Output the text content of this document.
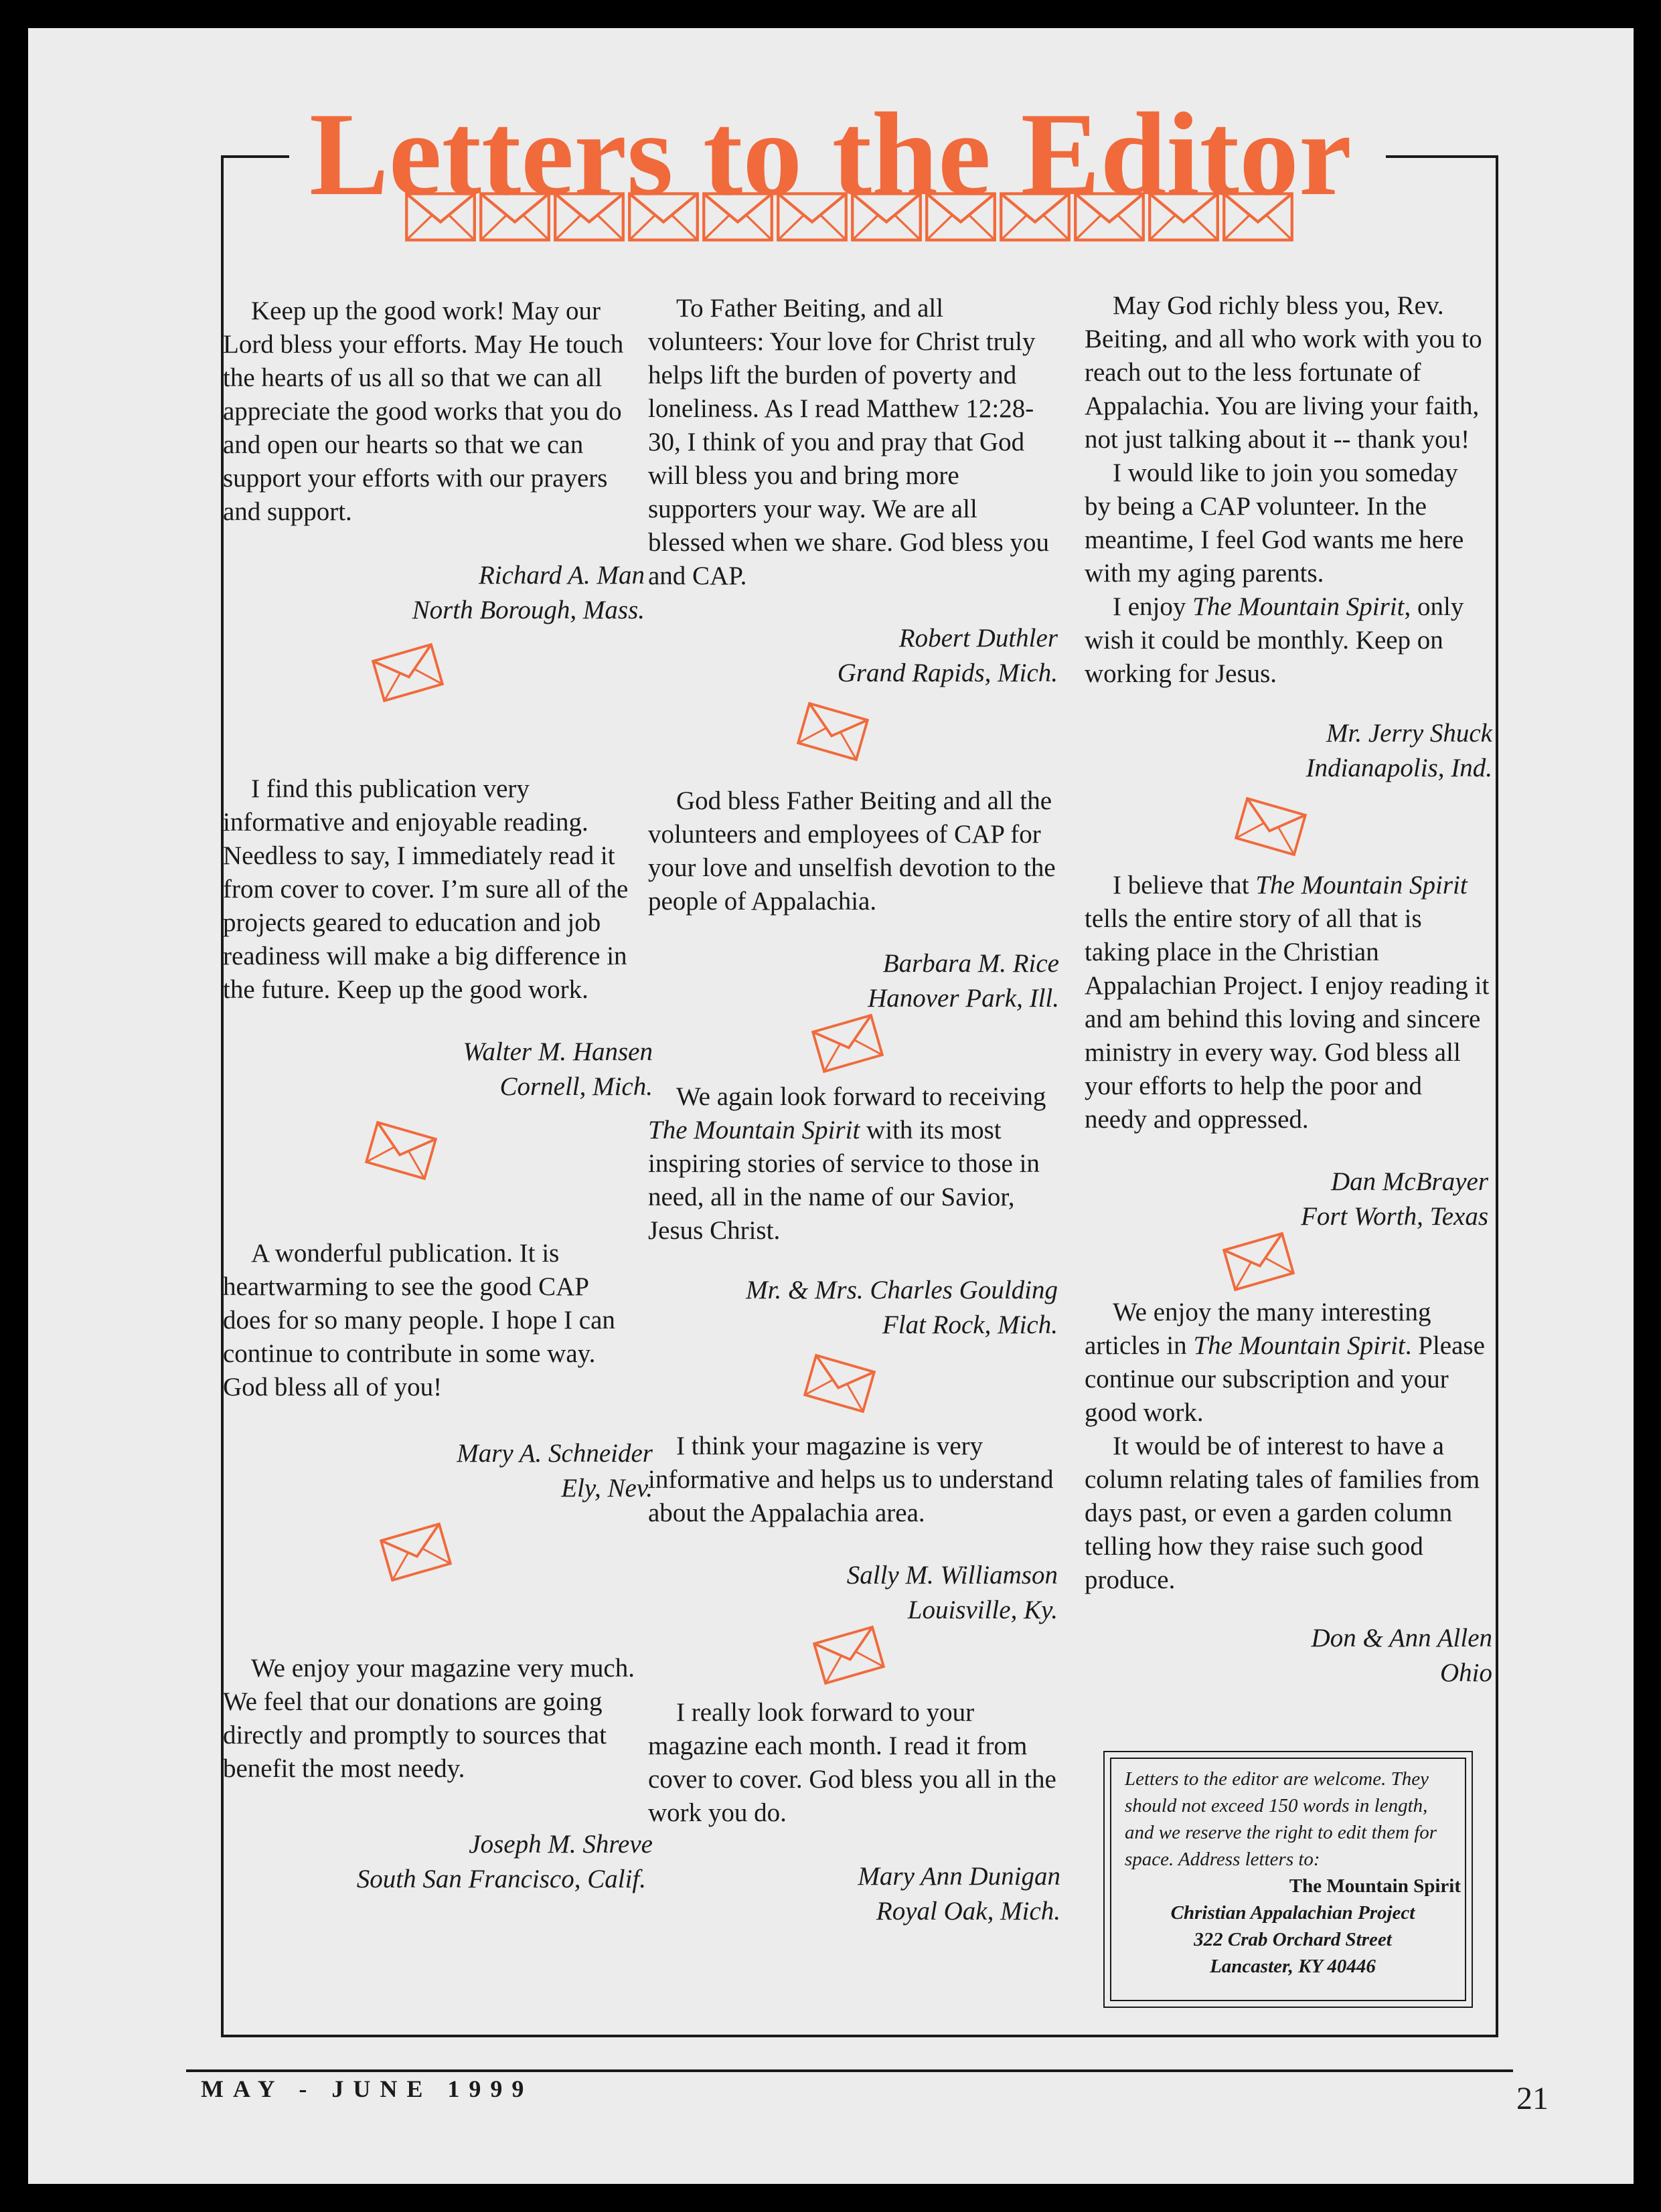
Letters to the Editor

Keep up the good work! May our Lord bless your efforts. May He touch the hearts of us all so that we can all appreciate the good works that you do and open our hearts so that we can support your efforts with our prayers and support.

Richard A. Man

North Borough, Mass.

I find this publication very informative and enjoyable reading. Needless to say, I immediately read it from cover to cover. I’m sure all of the projects geared to education and job readiness will make a big difference in the future. Keep up the good work.

Walter M. Hansen

Cornell, Mich.

A wonderful publication. It is heartwarming to see the good CAP does for so many people. I hope I can continue to contribute in some way. God bless all of you!

Mary A. Schneider

Ely, Nev.

We enjoy your magazine very much. We feel that our donations are going directly and promptly to sources that benefit the most needy.

Joseph M. Shreve

South San Francisco, Calif.

To Father Beiting, and all volunteers: Your love for Christ truly helps lift the burden of poverty and loneliness. As I read Matthew 12:28-30, I think of you and pray that God will bless you and bring more supporters your way. We are all blessed when we share. God bless you and CAP.

Robert Duthler

Grand Rapids, Mich.

God bless Father Beiting and all the volunteers and employees of CAP for your love and unselfish devotion to the people of Appalachia.

Barbara M. Rice

Hanover Park, Ill.

We again look forward to receiving The Mountain Spirit with its most inspiring stories of service to those in need, all in the name of our Savior, Jesus Christ.

Mr. & Mrs. Charles Goulding

Flat Rock, Mich.

I think your magazine is very informative and helps us to understand about the Appalachia area.

Sally M. Williamson

Louisville, Ky.

I really look forward to your magazine each month. I read it from cover to cover. God bless you all in the work you do.

Mary Ann Dunigan

Royal Oak, Mich.

May God richly bless you, Rev. Beiting, and all who work with you to reach out to the less fortunate of Appalachia. You are living your faith, not just talking about it -- thank you!

I would like to join you someday by being a CAP volunteer. In the meantime, I feel God wants me here with my aging parents.

I enjoy The Mountain Spirit, only wish it could be monthly. Keep on working for Jesus.

Mr. Jerry Shuck

Indianapolis, Ind.

I believe that The Mountain Spirit tells the entire story of all that is taking place in the Christian Appalachian Project. I enjoy reading it and am behind this loving and sincere ministry in every way. God bless all your efforts to help the poor and needy and oppressed.

Dan McBrayer

Fort Worth, Texas

We enjoy the many interesting articles in The Mountain Spirit. Please continue our subscription and your good work.

It would be of interest to have a column relating tales of families from days past, or even a garden column telling how they raise such good produce.

Don & Ann Allen

Ohio

Letters to the editor are welcome. They should not exceed 150 words in length, and we reserve the right to edit them for space. Address letters to:
The Mountain Spirit
Christian Appalachian Project
322 Crab Orchard Street
Lancaster, KY 40446
MAY - JUNE 1999	21
